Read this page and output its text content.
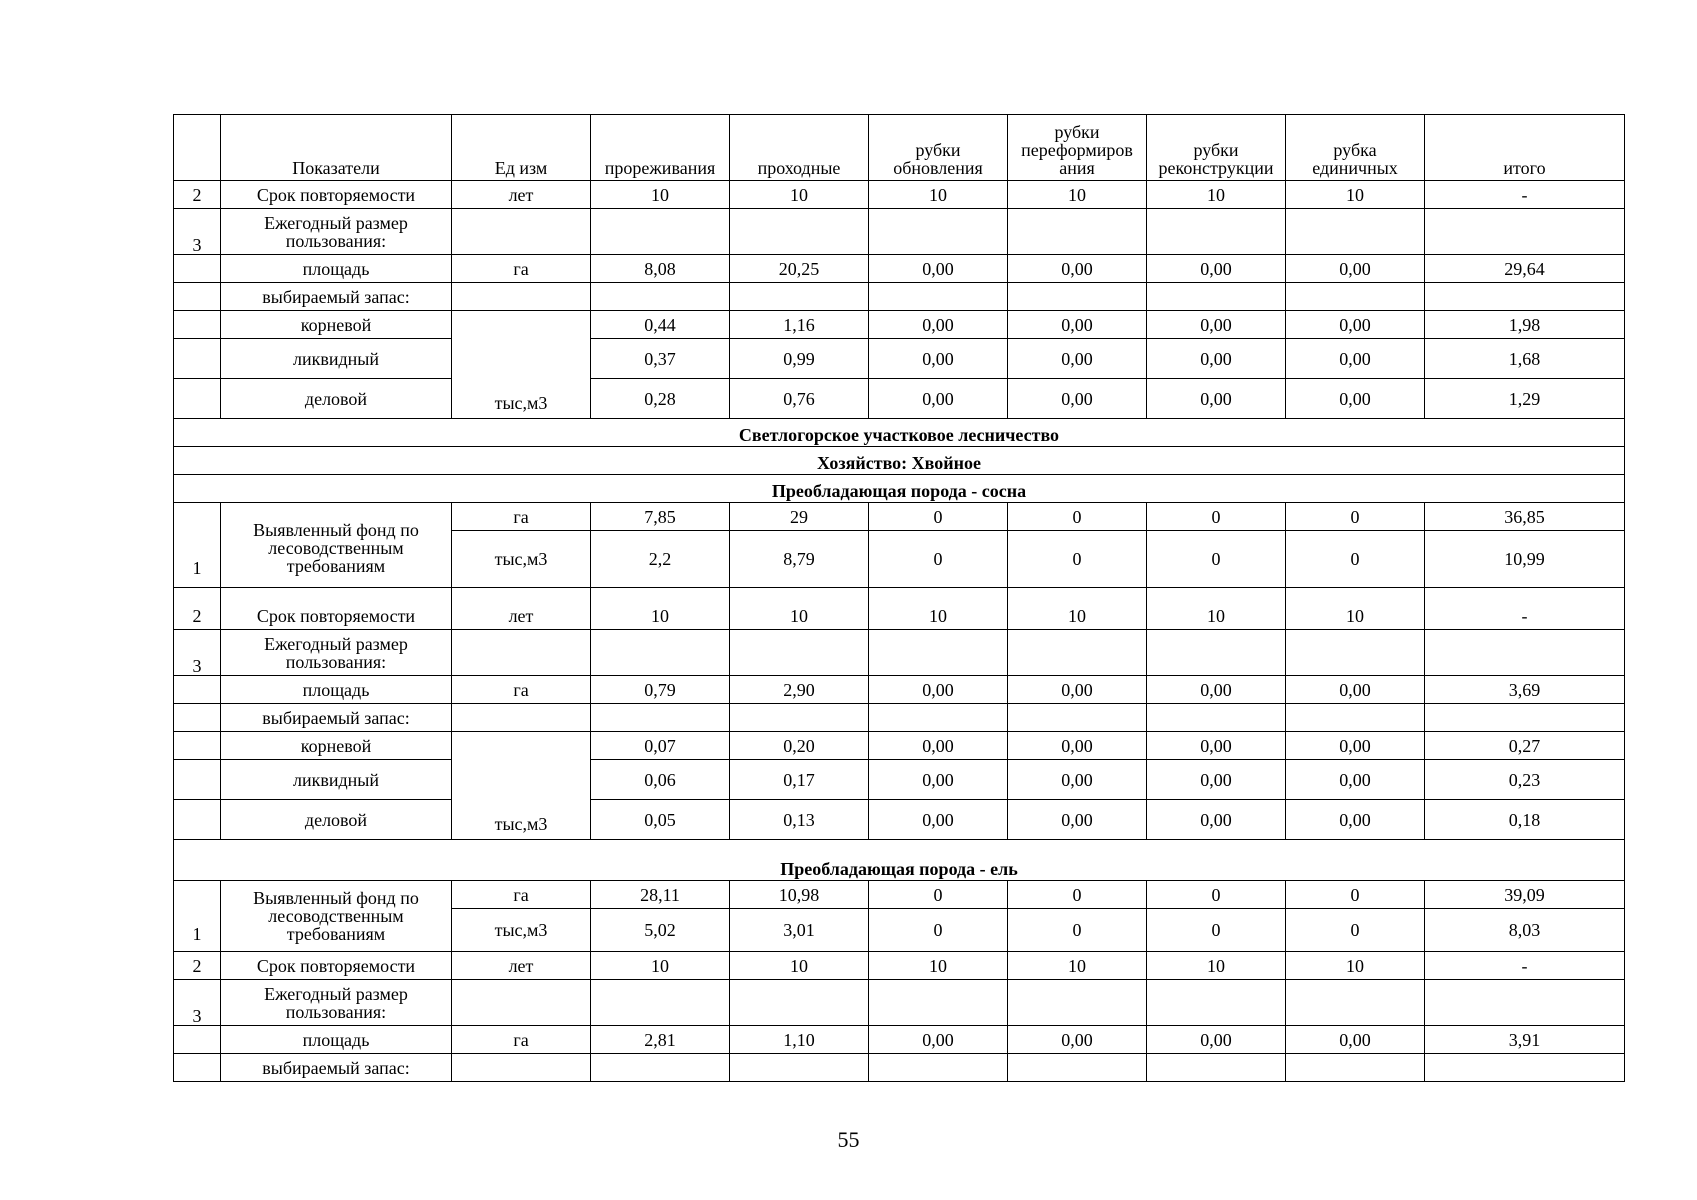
	Показатели	Ед изм	прореживания	проходные	рубки обновления	рубки переформиров ания	рубки реконструкции	рубка единичных	итого
2	Срок повторяемости	лет	10	10	10	10	10	10	-
3	Ежегодный размер пользования:								
	площадь	га	8,08	20,25	0,00	0,00	0,00	0,00	29,64
	выбираемый запас:								
	корневой	тыс,м3	0,44	1,16	0,00	0,00	0,00	0,00	1,98
	ликвидный		0,37	0,99	0,00	0,00	0,00	0,00	1,68
	деловой		0,28	0,76	0,00	0,00	0,00	0,00	1,29
Светлогорское участковое лесничество									
Хозяйство: Хвойное									
Преобладающая порода - сосна									
1	Выявленный фонд по лесоводственным требованиям	га	7,85	29	0	0	0	0	36,85
		тыс,м3	2,2	8,79	0	0	0	0	10,99
2	Срок повторяемости	лет	10	10	10	10	10	10	-
3	Ежегодный размер пользования:								
	площадь	га	0,79	2,90	0,00	0,00	0,00	0,00	3,69
	выбираемый запас:								
	корневой	тыс,м3	0,07	0,20	0,00	0,00	0,00	0,00	0,27
	ликвидный		0,06	0,17	0,00	0,00	0,00	0,00	0,23
	деловой		0,05	0,13	0,00	0,00	0,00	0,00	0,18
Преобладающая порода - ель									
1	Выявленный фонд по лесоводственным требованиям	га	28,11	10,98	0	0	0	0	39,09
		тыс,м3	5,02	3,01	0	0	0	0	8,03
2	Срок повторяемости	лет	10	10	10	10	10	10	-
3	Ежегодный размер пользования:								
	площадь	га	2,81	1,10	0,00	0,00	0,00	0,00	3,91
	выбираемый запас:								
55
